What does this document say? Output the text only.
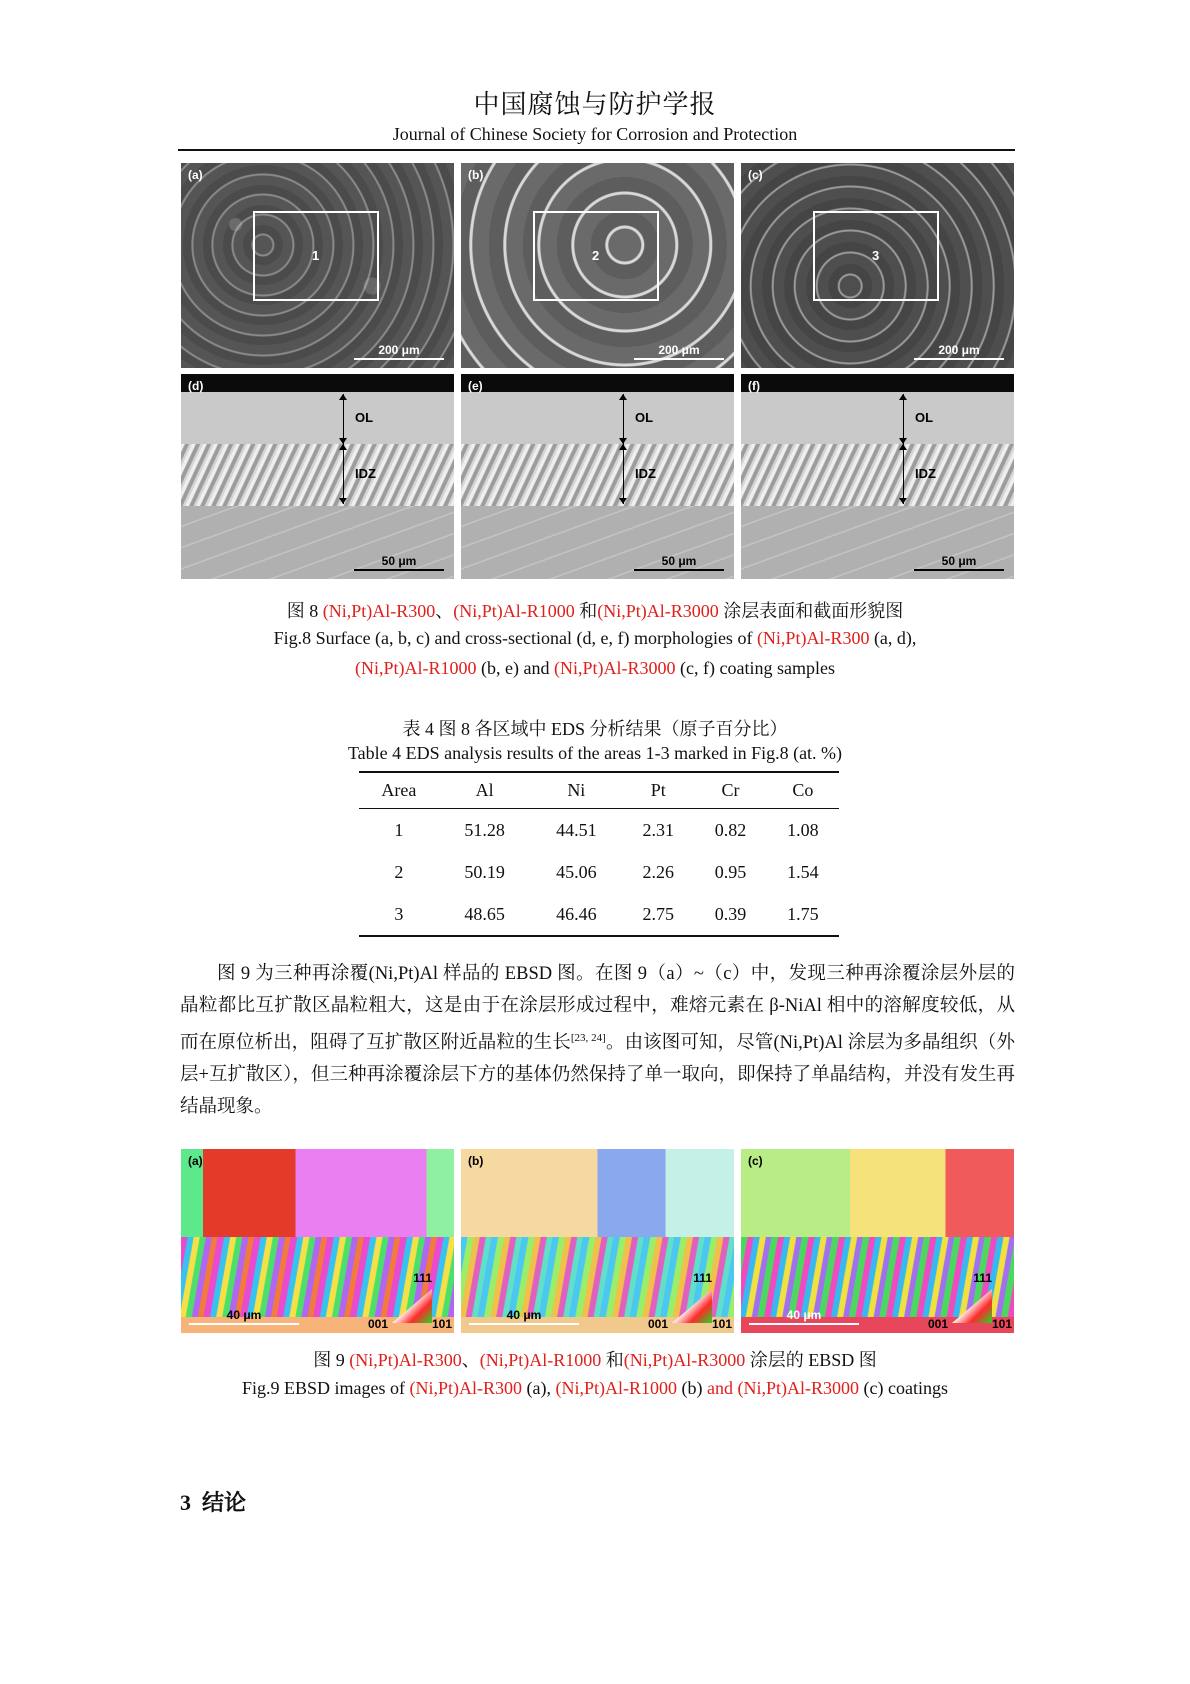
中国腐蚀与防护学报
Journal of Chinese Society for Corrosion and Protection
(a)
1
200 μm
(b)
2
200 μm
(c)
3
200 μm
(d)
OL
IDZ
50 μm
(e)
OL
IDZ
50 μm
(f)
OL
IDZ
50 μm
图 8 (Ni,Pt)Al-R300、(Ni,Pt)Al-R1000 和(Ni,Pt)Al-R3000 涂层表面和截面形貌图
Fig.8 Surface (a, b, c) and cross-sectional (d, e, f) morphologies of (Ni,Pt)Al-R300 (a, d),
(Ni,Pt)Al-R1000 (b, e) and (Ni,Pt)Al-R3000 (c, f) coating samples
表 4 图 8 各区域中 EDS 分析结果（原子百分比）
Table 4 EDS analysis results of the areas 1-3 marked in Fig.8 (at. %)
Area	Al	Ni	Pt	Cr	Co
1	51.28	44.51	2.31	0.82	1.08
2	50.19	45.06	2.26	0.95	1.54
3	48.65	46.46	2.75	0.39	1.75

图 9 为三种再涂覆(Ni,Pt)Al 样品的 EBSD 图。在图 9（a）~（c）中，发现三种再涂覆涂层外层的晶粒都比互扩散区晶粒粗大，这是由于在涂层形成过程中，难熔元素在 β-NiAl 相中的溶解度较低，从而在原位析出，阻碍了互扩散区附近晶粒的生长[23, 24]。由该图可知，尽管(Ni,Pt)Al 涂层为多晶组织（外层+互扩散区），但三种再涂覆涂层下方的基体仍然保持了单一取向，即保持了单晶结构，并没有发生再结晶现象。

(a)
40 μm
111
001	101
(b)
40 μm
111
001	101
(c)
40 μm
111
001	101
图 9 (Ni,Pt)Al-R300、(Ni,Pt)Al-R1000 和(Ni,Pt)Al-R3000 涂层的 EBSD 图
Fig.9 EBSD images of (Ni,Pt)Al-R300 (a), (Ni,Pt)Al-R1000 (b) and (Ni,Pt)Al-R3000 (c) coatings
3 结论
